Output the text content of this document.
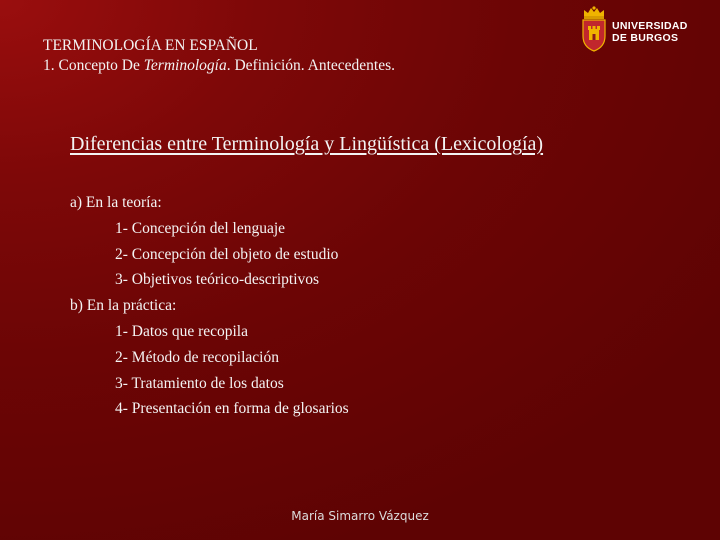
TERMINOLOGÍA EN ESPAÑOL
1. Concepto De Terminología. Definición. Antecedentes.
UNIVERSIDAD
DE BURGOS
Diferencias entre Terminología y Lingüística (Lexicología)
a) En la teoría:
1- Concepción del lenguaje
2- Concepción del objeto de estudio
3- Objetivos teórico-descriptivos
b) En la práctica:
1- Datos que recopila
2- Método de recopilación
3- Tratamiento de los datos
4- Presentación en forma de glosarios
María Simarro Vázquez
